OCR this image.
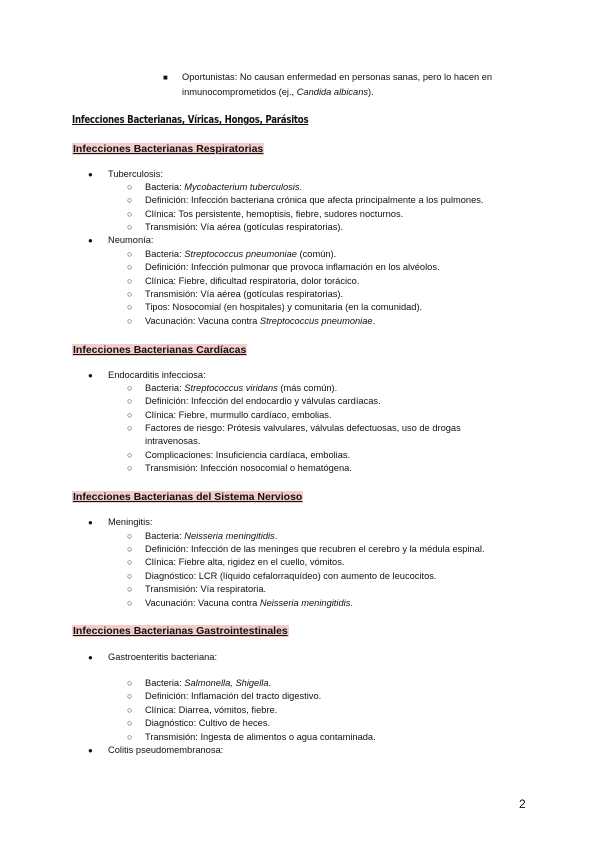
■ Oportunistas: No causan enfermedad en personas sanas, pero lo hacen en
inmunocomprometidos (ej., Candida albicans).
Infecciones Bacterianas, Víricas, Hongos, Parásitos
Infecciones Bacterianas Respiratorias
● Tuberculosis:
○ Bacteria: Mycobacterium tuberculosis.
○ Definición: Infección bacteriana crónica que afecta principalmente a los pulmones.
○ Clínica: Tos persistente, hemoptisis, fiebre, sudores nocturnos.
○ Transmisión: Vía aérea (gotículas respiratorias).
● Neumonía:
○ Bacteria: Streptococcus pneumoniae (común).
○ Definición: Infección pulmonar que provoca inflamación en los alvéolos.
○ Clínica: Fiebre, dificultad respiratoria, dolor torácico.
○ Transmisión: Vía aérea (gotículas respiratorias).
○ Tipos: Nosocomial (en hospitales) y comunitaria (en la comunidad).
○ Vacunación: Vacuna contra Streptococcus pneumoniae.
Infecciones Bacterianas Cardíacas
● Endocarditis infecciosa:
○ Bacteria: Streptococcus viridans (más común).
○ Definición: Infección del endocardio y válvulas cardíacas.
○ Clínica: Fiebre, murmullo cardíaco, embolias.
○ Factores de riesgo: Prótesis valvulares, válvulas defectuosas, uso de drogas
intravenosas.
○ Complicaciones: Insuficiencia cardíaca, embolias.
○ Transmisión: Infección nosocomial o hematógena.
Infecciones Bacterianas del Sistema Nervioso
● Meningitis:
○ Bacteria: Neisseria meningitidis.
○ Definición: Infección de las meninges que recubren el cerebro y la médula espinal.
○ Clínica: Fiebre alta, rigidez en el cuello, vómitos.
○ Diagnóstico: LCR (líquido cefalorraquídeo) con aumento de leucocitos.
○ Transmisión: Vía respiratoria.
○ Vacunación: Vacuna contra Neisseria meningitidis.
Infecciones Bacterianas Gastrointestinales
● Gastroenteritis bacteriana:
○ Bacteria: Salmonella, Shigella.
○ Definición: Inflamación del tracto digestivo.
○ Clínica: Diarrea, vómitos, fiebre.
○ Diagnóstico: Cultivo de heces.
○ Transmisión: Ingesta de alimentos o agua contaminada.
● Colitis pseudomembranosa:
2
